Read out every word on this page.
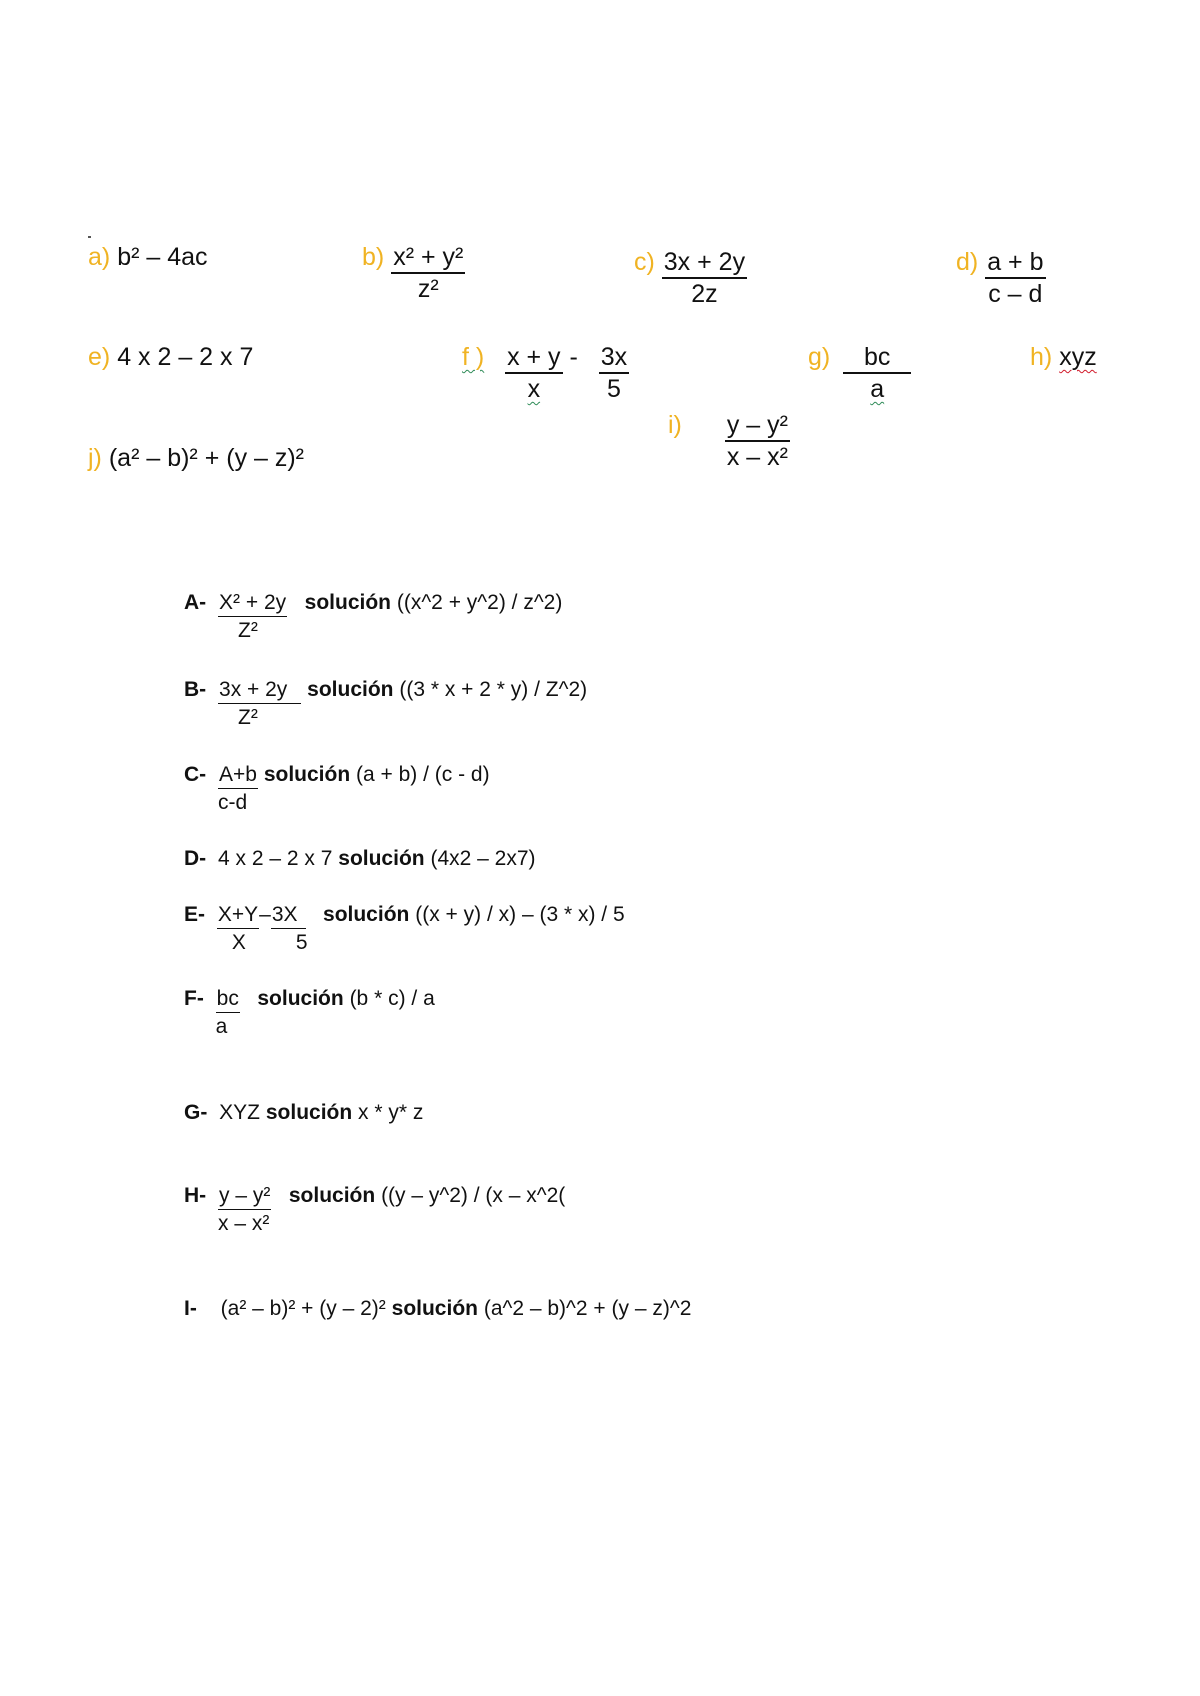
a) b² – 4ac	$b) \frac{\text{x² + y²}}{\text{z²}}$	$c) \frac{3x + 2y}{2z}$	$d) \frac{a + b}{c - d}$
e) 4 x 2 – 2 x 7	f ) $\frac{x + y}{x} - \frac{3x}{5}$	$g) \frac{bc}{a}$	h) xyz
$i) \frac{\text{y – y²}}{\text{x – x²}}$
j) (a² – b)² + (y – z)²
$A- \frac{\text{X² + 2y}}{\text{Z²}}$ solución ((x^2 + y^2) / z^2)
$B- \frac{3x + 2y}{\text{Z²}}$ solución ((3 * x + 2 * y) / Z^2)
$C- \frac{A+b}{c-d}$ solución (a + b) / (c - d)
D- 4 x 2 – 2 x 7 solución (4x2 – 2x7)
E- X+Y–3X
X 5
solución ((x + y) / x) – (3 * x) / 5
$F- \frac{bc}{a}$ solución (b * c) / a
G- XYZ solución x * y* z
$H- \frac{\text{y – y²}}{\text{x – x²}}$ solución ((y – y^2) / (x – x^2(
I- (a² – b)² + (y – 2)² solución (a^2 – b)^2 + (y – z)^2
